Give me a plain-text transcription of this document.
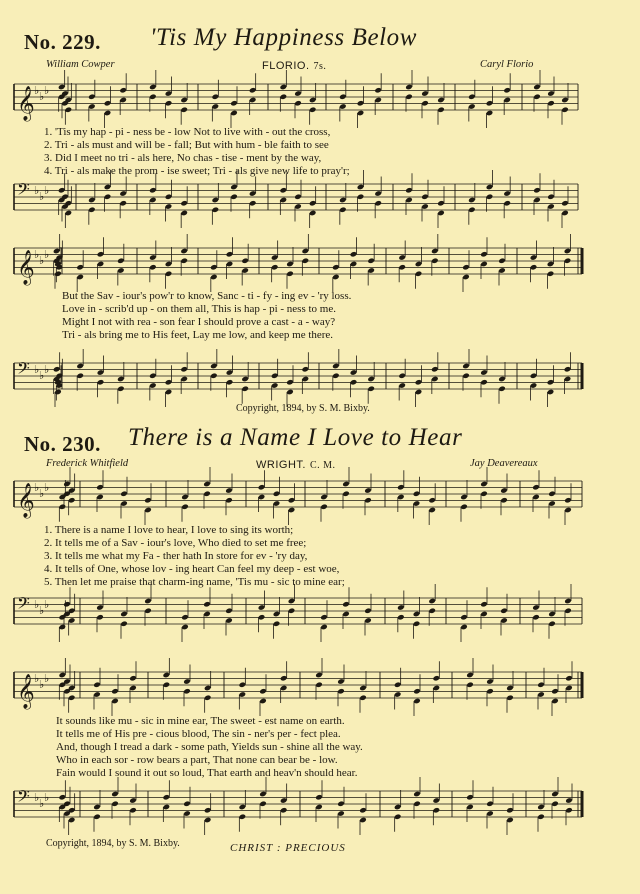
𝄞 ♭ ♭ ♭
𝄢 ♭ ♭ ♭
𝄞 ♭ ♭ ♭
𝄢 ♭ ♭ ♭
𝄞 ♭ ♭ ♭
𝄢 ♭ ♭ ♭
𝄞 ♭ ♭ ♭
𝄢 ♭ ♭ ♭
No. 229. 'Tis My Happiness Below
William Cowper	FLORIO. 7s.	Caryl Florio
1. 'Tis my hap - pi - ness be - low Not to live with - out the cross,
2. Tri - als must and will be - fall; But with hum - ble faith to see
3. Did I meet no tri - als here, No chas - tise - ment by the way,
4. Tri - als make the prom - ise sweet; Tri - als give new life to pray'r;
But the Sav - iour's pow'r to know, Sanc - ti - fy - ing ev - 'ry loss.
Love in - scrib'd up - on them all, This is hap - pi - ness to me.
Might I not with rea - son fear I should prove a cast - a - way?
Tri - als bring me to His feet, Lay me low, and keep me there.
Copyright, 1894, by S. M. Bixby.
No. 230. There is a Name I Love to Hear
Frederick Whitfield	WRIGHT. C. M.	Jay Deavereaux
1. There is a name I love to hear, I love to sing its worth;
2. It tells me of a Sav - iour's love, Who died to set me free;
3. It tells me what my Fa - ther hath In store for ev - 'ry day,
4. It tells of One, whose lov - ing heart Can feel my deep - est woe,
5. Then let me praise that charm-ing name, 'Tis mu - sic to mine ear;
It sounds like mu - sic in mine ear, The sweet - est name on earth.
It tells me of His pre - cious blood, The sin - ner's per - fect plea.
And, though I tread a dark - some path, Yields sun - shine all the way.
Who in each sor - row bears a part, That none can bear be - low.
Fain would I sound it out so loud, That earth and heav'n should hear.
Copyright, 1894, by S. M. Bixby.	CHRIST : PRECIOUS
